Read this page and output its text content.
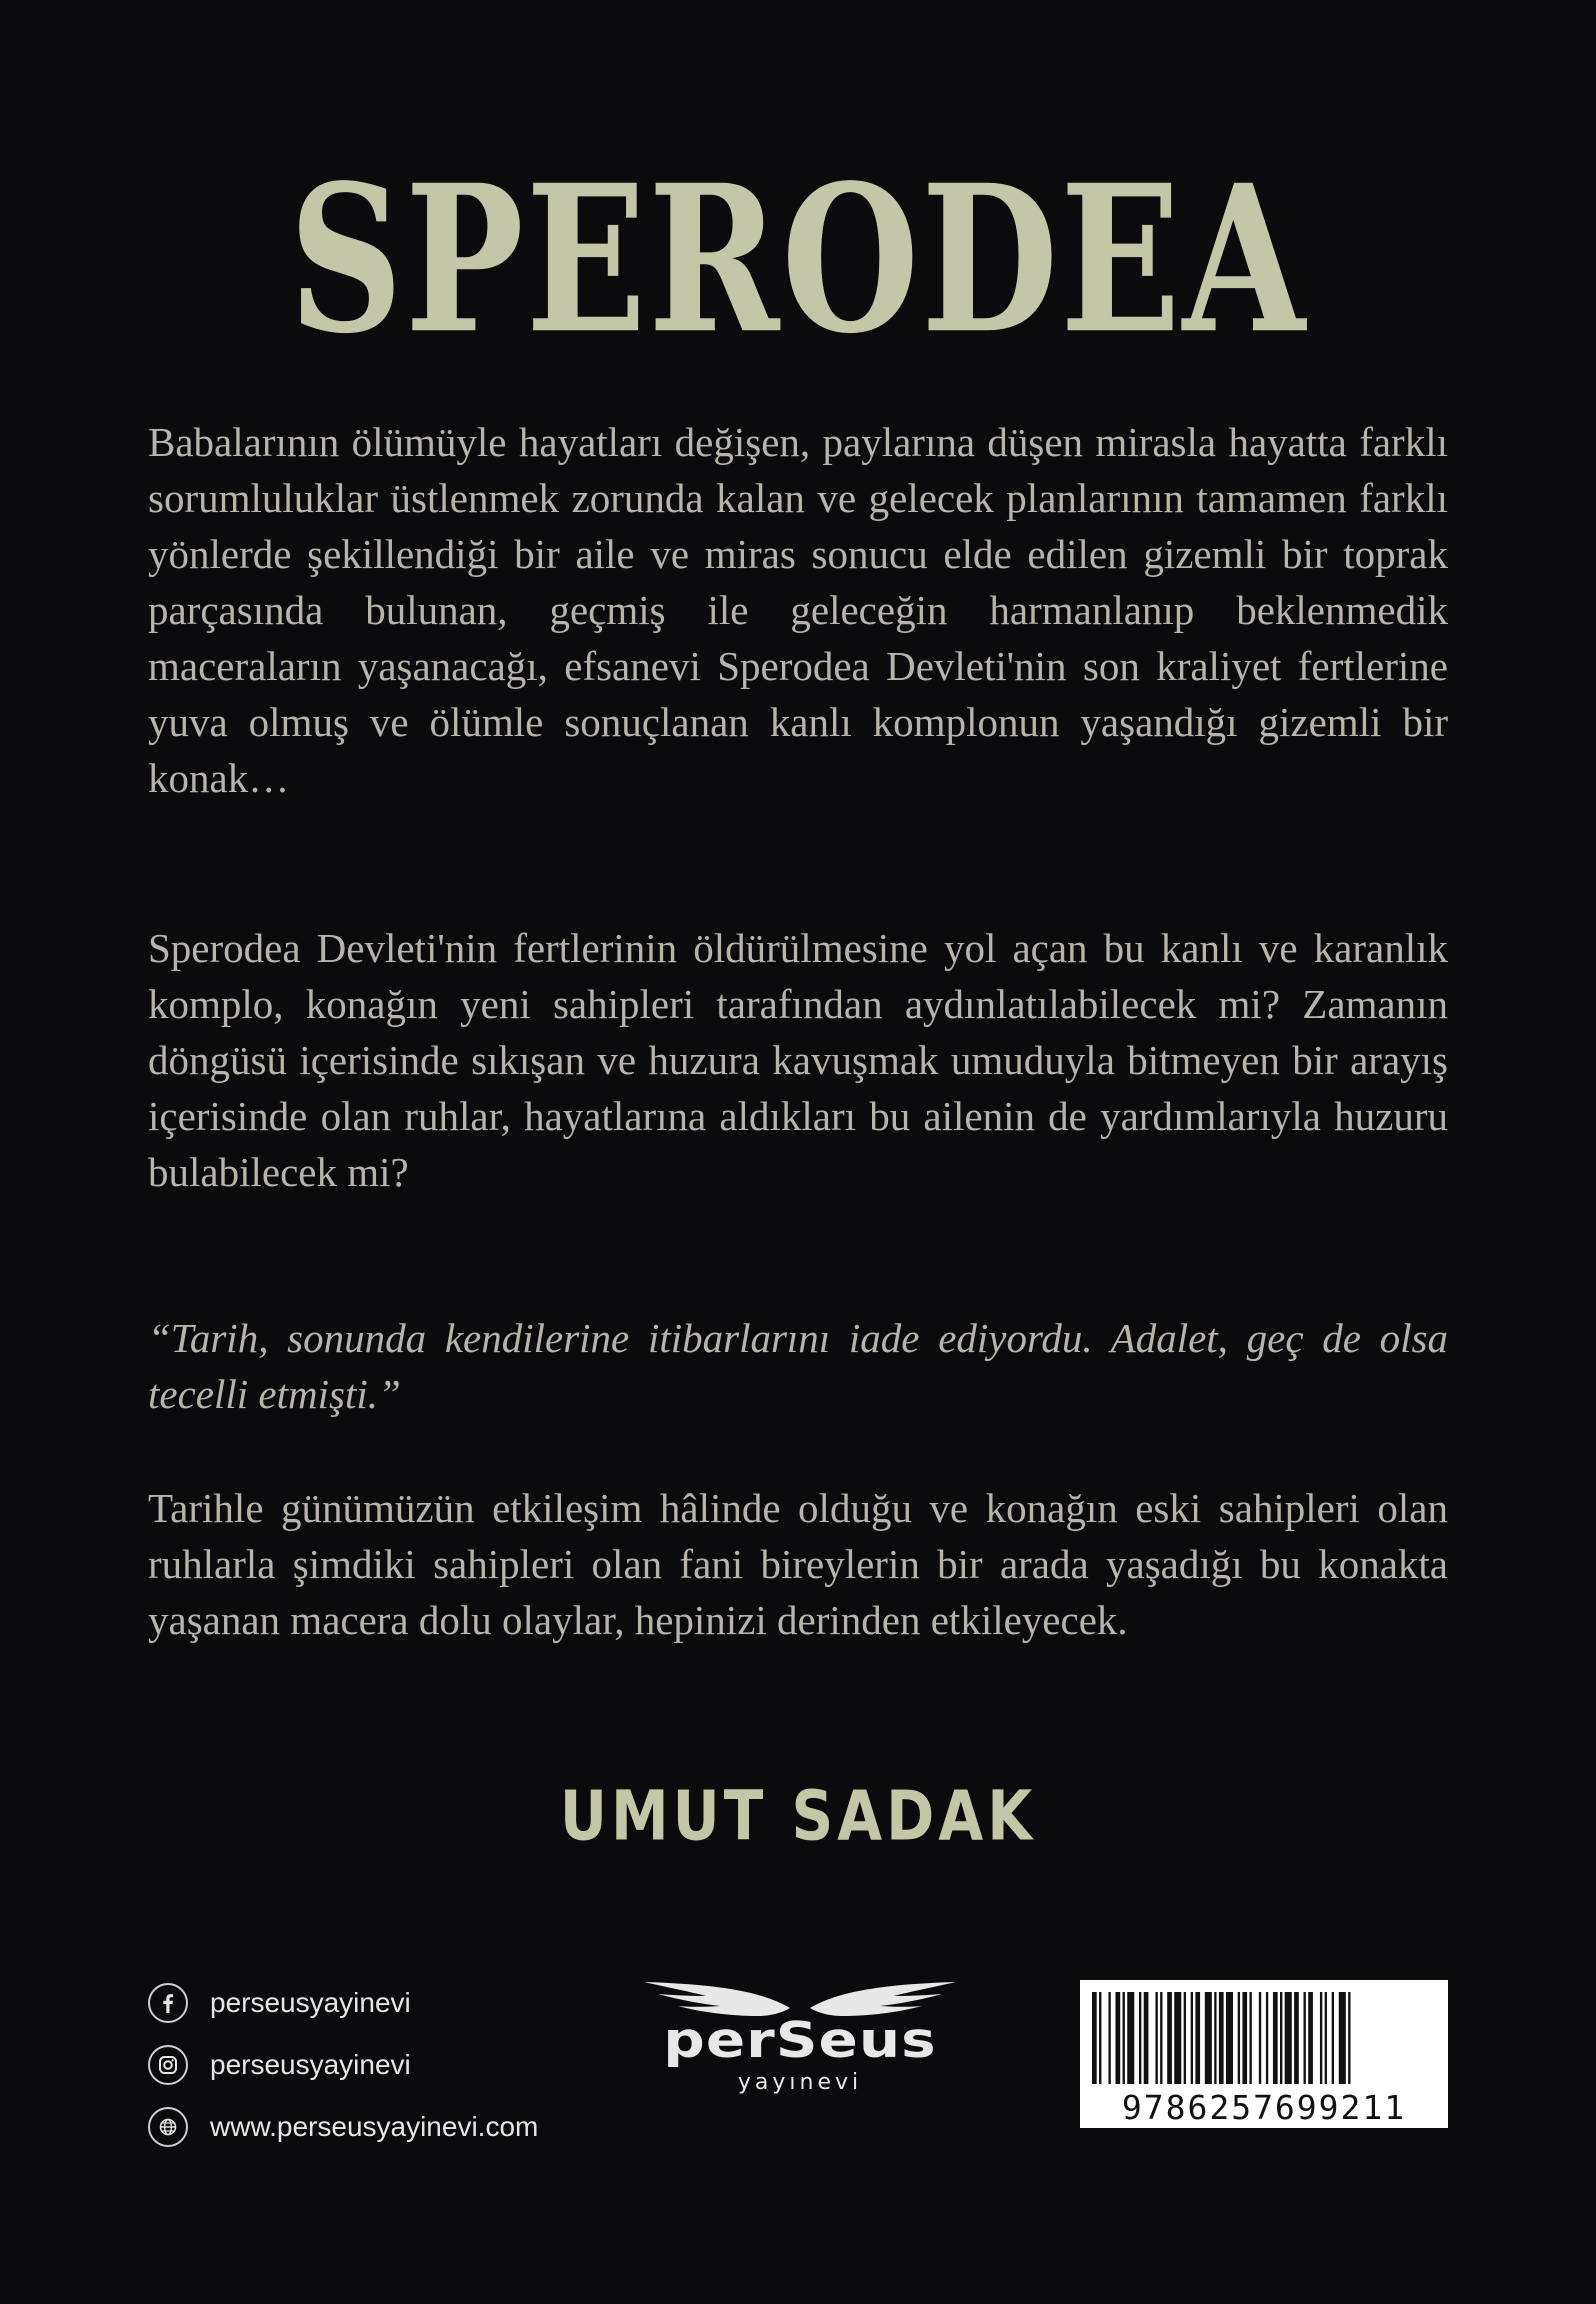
SPERODEA
Babalarının ölümüyle hayatları değişen, paylarına düşen mirasla hayatta farklı sorumluluklar üstlenmek zorunda kalan ve gelecek planlarının tamamen farklı yönlerde şekillendiği bir aile ve miras sonucu elde edilen gizemli bir toprak parçasında bulunan, geçmiş ile geleceğin harmanlanıp beklenmedik maceraların yaşanacağı, efsanevi Sperodea Devleti'nin son kraliyet fertlerine yuva olmuş ve ölümle sonuçlanan kanlı komplonun yaşandığı gizemli bir konak…
Sperodea Devleti'nin fertlerinin öldürülmesine yol açan bu kanlı ve karanlık komplo, konağın yeni sahipleri tarafından aydınlatılabilecek mi? Zamanın döngüsü içerisinde sıkışan ve huzura kavuşmak umuduyla bitmeyen bir arayış içerisinde olan ruhlar, hayatlarına aldıkları bu ailenin de yardımlarıyla huzuru bulabilecek mi?
“Tarih, sonunda kendilerine itibarlarını iade ediyordu. Adalet, geç de olsa tecelli etmişti.”
Tarihle günümüzün etkileşim hâlinde olduğu ve konağın eski sahipleri olan ruhlarla şimdiki sahipleri olan fani bireylerin bir arada yaşadığı bu konakta yaşanan macera dolu olaylar, hepinizi derinden etkileyecek.
UMUT SADAK
perseusyayinevi
perseusyayinevi
www.perseusyayinevi.com
perSeus
yayınevi
9786257699211
